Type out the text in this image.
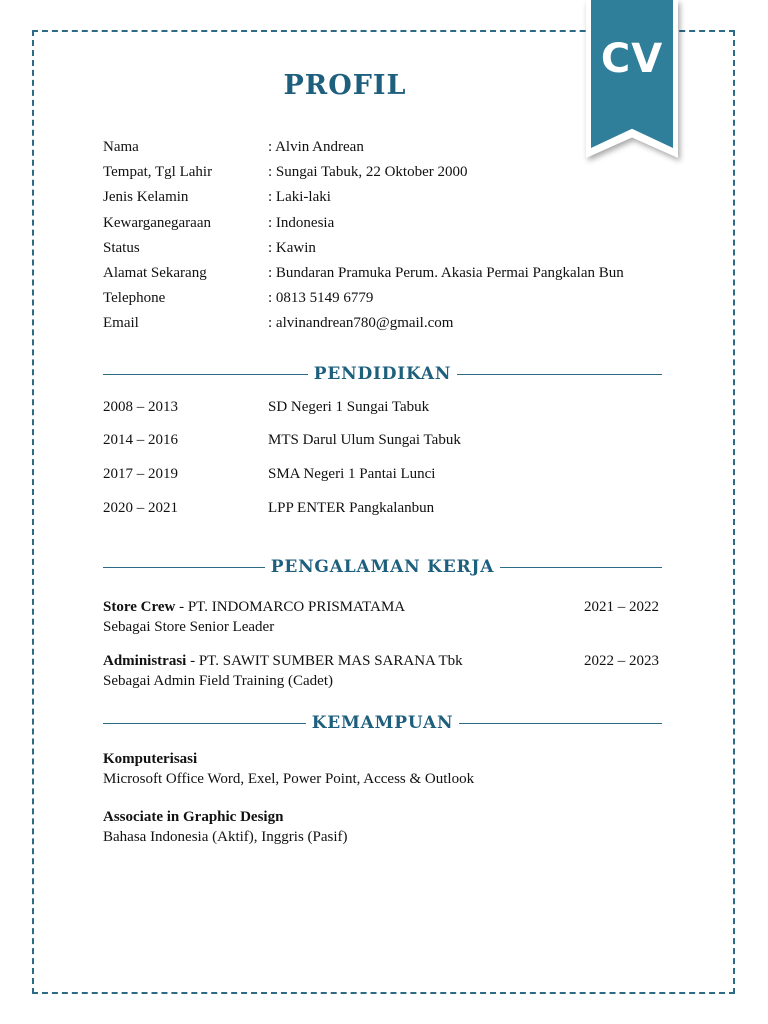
CV
PROFIL
Nama	: Alvin Andrean
Tempat, Tgl Lahir	: Sungai Tabuk, 22 Oktober 2000
Jenis Kelamin	: Laki-laki
Kewarganegaraan	: Indonesia
Status	: Kawin
Alamat Sekarang	: Bundaran Pramuka Perum. Akasia Permai Pangkalan Bun
Telephone	: 0813 5149 6779
Email	: alvinandrean780@gmail.com
PENDIDIKAN
2008 – 2013	SD Negeri 1 Sungai Tabuk
2014 – 2016	MTS Darul Ulum Sungai Tabuk
2017 – 2019	SMA Negeri 1 Pantai Lunci
2020 – 2021	LPP ENTER Pangkalanbun
PENGALAMAN KERJA
Store Crew - PT. INDOMARCO PRISMATAMA	2021 – 2022
Sebagai Store Senior Leader
Administrasi - PT. SAWIT SUMBER MAS SARANA Tbk	2022 – 2023
Sebagai Admin Field Training (Cadet)
KEMAMPUAN
Komputerisasi
Microsoft Office Word, Exel, Power Point, Access & Outlook
Associate in Graphic Design
Bahasa Indonesia (Aktif), Inggris (Pasif)
